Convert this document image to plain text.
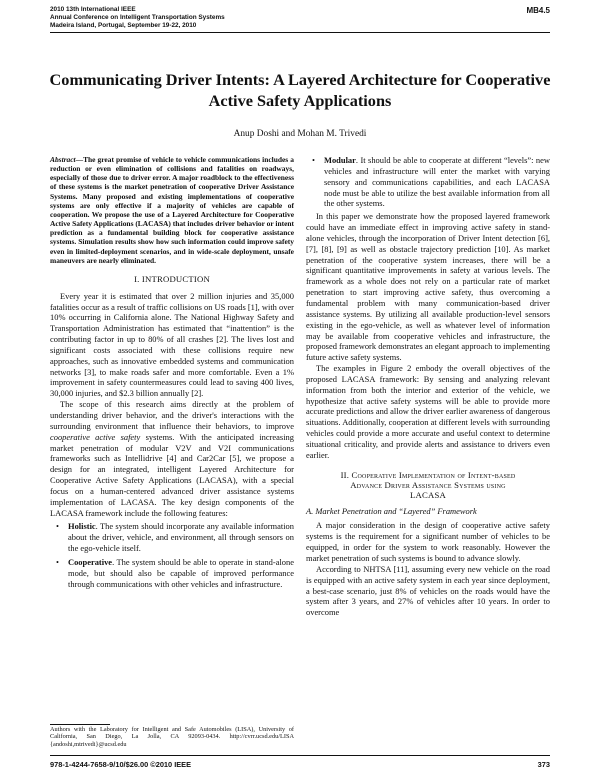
2010 13th International IEEE
Annual Conference on Intelligent Transportation Systems
Madeira Island, Portugal, September 19-22, 2010
MB4.5
Communicating Driver Intents: A Layered Architecture for Cooperative Active Safety Applications
Anup Doshi and Mohan M. Trivedi
Abstract—The great promise of vehicle to vehicle communications includes a reduction or even elimination of collisions and fatalities on roadways, especially of those due to driver error. A major roadblock to the effectiveness of these systems is the market penetration of cooperative Driver Assistance Systems. Many proposed and existing implementations of cooperative systems are only effective if a majority of vehicles are capable of cooperation. We propose the use of a Layered Architecture for Cooperative Active Safety Applications (LACASA) that includes driver behavior or intent prediction as a fundamental building block for cooperative assistance systems. Simulation results show how such information could improve safety even in limited-deployment scenarios, and in wide-scale deployment, unsafe maneuvers are nearly eliminated.
I. INTRODUCTION

Every year it is estimated that over 2 million injuries and 35,000 fatalities occur as a result of traffic collisions on US roads [1], with over 10% occurring in California alone. The National Highway Safety and Transportation Administration has estimated that “inattention” is the contributing factor in up to 80% of all crashes [2]. The lives lost and significant costs associated with these collisions require new approaches, such as innovative embedded systems and communication networks [3], to make roads safer and more comfortable. Even a 1% improvement in safety countermeasures could lead to saving 400 lives, 30,000 injuries, and $2.3 billion annually [2].

The scope of this research aims directly at the problem of understanding driver behavior, and the driver's interactions with the surrounding environment that influence their behaviors, to improve cooperative active safety systems. With the anticipated increasing market penetration of modular V2V and V2I communications frameworks such as Intellidrive [4] and Car2Car [5], we propose a design for an integrated, intelligent Layered Architecture for Cooperative Active Safety Applications (LACASA), with a special focus on a human-centered advanced driver assistance systems implementation of LACASA. The key design components of the LACASA framework include the following features:

• Holistic. The system should incorporate any available information about the driver, vehicle, and environment, all through sensors on the ego-vehicle itself.
• Cooperative. The system should be able to operate in stand-alone mode, but should also be capable of improved performance through communications with other vehicles and infrastructure.
• Modular. It should be able to cooperate at different “levels”: new vehicles and infrastructure will enter the market with varying sensory and communications capabilities, and each LACASA node must be able to utilize the best available information from all the other systems.

In this paper we demonstrate how the proposed layered framework could have an immediate effect in improving active safety in stand-alone vehicles, through the incorporation of Driver Intent detection [6], [7], [8], [9] as well as obstacle trajectory prediction [10]. As market penetration of the cooperative system increases, there will be a significant quantitative improvements in safety at various levels. The framework as a whole does not rely on a particular rate of market penetration to start improving active safety, thus overcoming a fundamental problem with many communication-based driver assistance systems. By utilizing all available production-level sensors existing in the ego-vehicle, as well as whatever level of information may be available from cooperative vehicles and infrastructure, the proposed framework demonstrates an elegant approach to implementing future active safety systems.

The examples in Figure 2 embody the overall objectives of the proposed LACASA framework: By sensing and analyzing relevant information from both the interior and exterior of the vehicle, we hypothesize that active safety systems will be able to provide more accurate predictions and allow the driver earlier awareness of dangerous situations. Additionally, cooperation at different levels with surrounding vehicles could provide a more accurate and useful context to determine situational criticality, and provide alerts and assistance to drivers even earlier.

II. Cooperative Implementation of Intent-based
Advance Driver Assistance Systems using
LACASA
A. Market Penetration and “Layered” Framework

A major consideration in the design of cooperative active safety systems is the requirement for a significant number of vehicles to be equipped, in order for the system to work reasonably. However the market penetration of such systems is bound to advance slowly.

According to NHTSA [11], assuming every new vehicle on the road is equipped with an active safety system in each year since deployment, a best-case scenario, just 8% of vehicles on the roads would have the system after 3 years, and 27% of vehicles after 10 years. In order to overcome

Authors with the Laboratory for Intelligent and Safe Automobiles (LISA), University of California, San Diego, La Jolla, CA 92093-0434. http://cvrr.ucsd.edu/LISA {andoshi,mtrivedi}@ucsd.edu
978-1-4244-7658-9/10/$26.00 ©2010 IEEE	373
